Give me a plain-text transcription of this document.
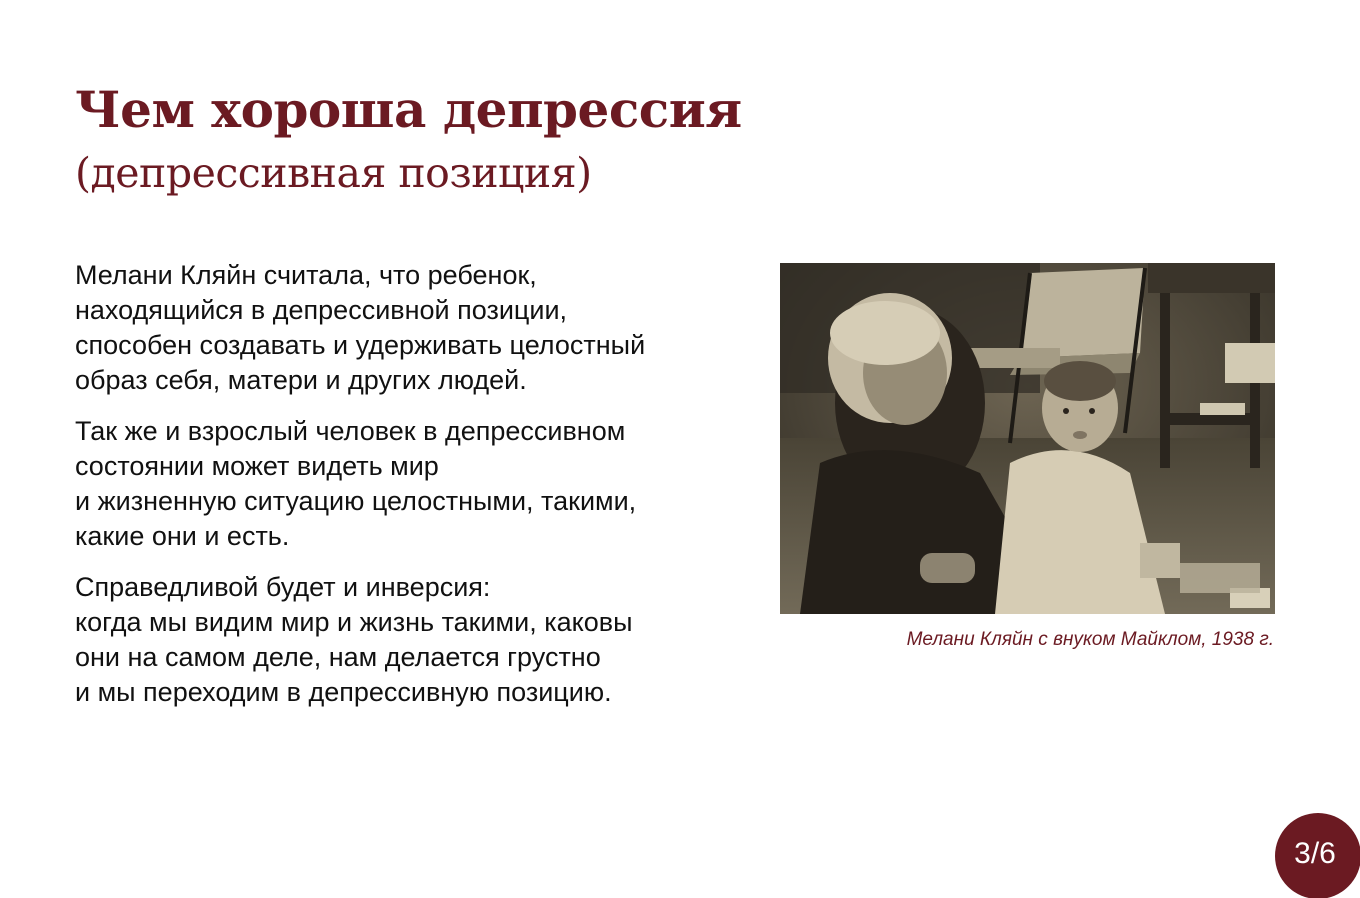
Чем хороша депрессия
(депрессивная позиция)

Мелани Кляйн считала, что ребенок,
находящийся в депрессивной позиции,
способен создавать и удерживать целостный
образ себя, матери и других людей.

Так же и взрослый человек в депрессивном
состоянии может видеть мир
и жизненную ситуацию целостными, такими,
какие они и есть.

Справедливой будет и инверсия:
когда мы видим мир и жизнь такими, каковы
они на самом деле, нам делается грустно
и мы переходим в депрессивную позицию.

Мелани Кляйн с внуком Майклом, 1938 г.
3/6
